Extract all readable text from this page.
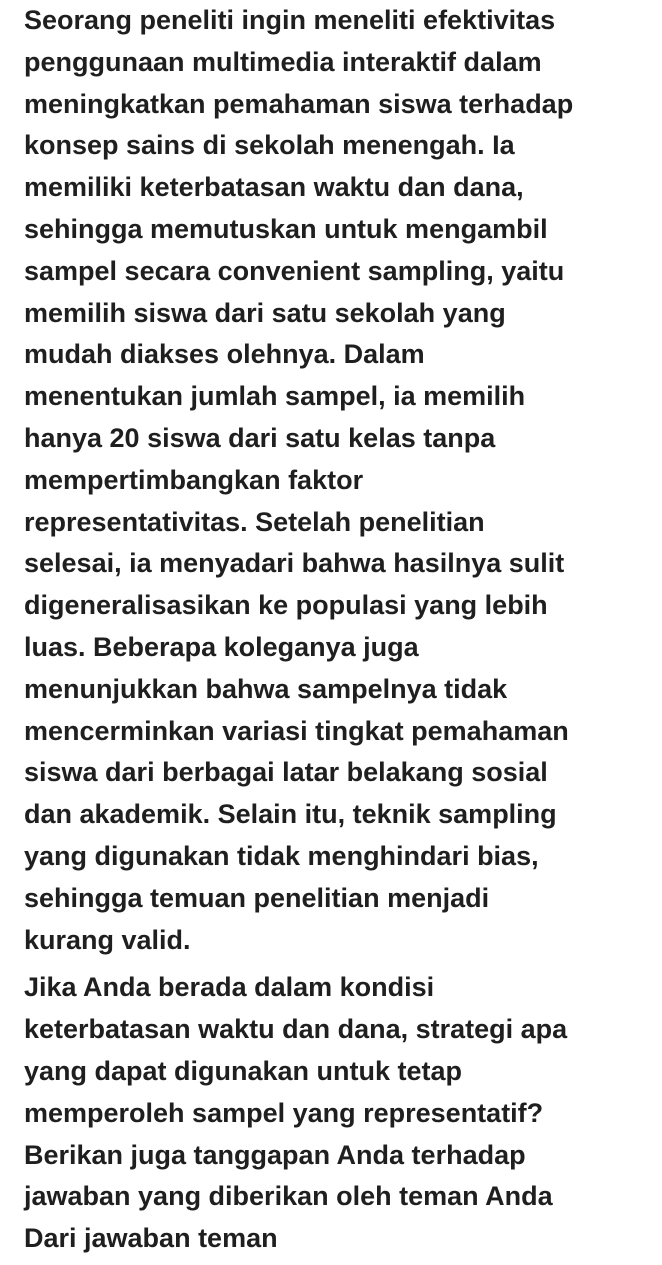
Seorang peneliti ingin meneliti efektivitas
penggunaan multimedia interaktif dalam
meningkatkan pemahaman siswa terhadap
konsep sains di sekolah menengah. Ia
memiliki keterbatasan waktu dan dana,
sehingga memutuskan untuk mengambil
sampel secara convenient sampling, yaitu
memilih siswa dari satu sekolah yang
mudah diakses olehnya. Dalam
menentukan jumlah sampel, ia memilih
hanya 20 siswa dari satu kelas tanpa
mempertimbangkan faktor
representativitas. Setelah penelitian
selesai, ia menyadari bahwa hasilnya sulit
digeneralisasikan ke populasi yang lebih
luas. Beberapa koleganya juga
menunjukkan bahwa sampelnya tidak
mencerminkan variasi tingkat pemahaman
siswa dari berbagai latar belakang sosial
dan akademik. Selain itu, teknik sampling
yang digunakan tidak menghindari bias,
sehingga temuan penelitian menjadi
kurang valid.

Jika Anda berada dalam kondisi
keterbatasan waktu dan dana, strategi apa
yang dapat digunakan untuk tetap
memperoleh sampel yang representatif?
Berikan juga tanggapan Anda terhadap
jawaban yang diberikan oleh teman Anda

Dari jawaban teman
